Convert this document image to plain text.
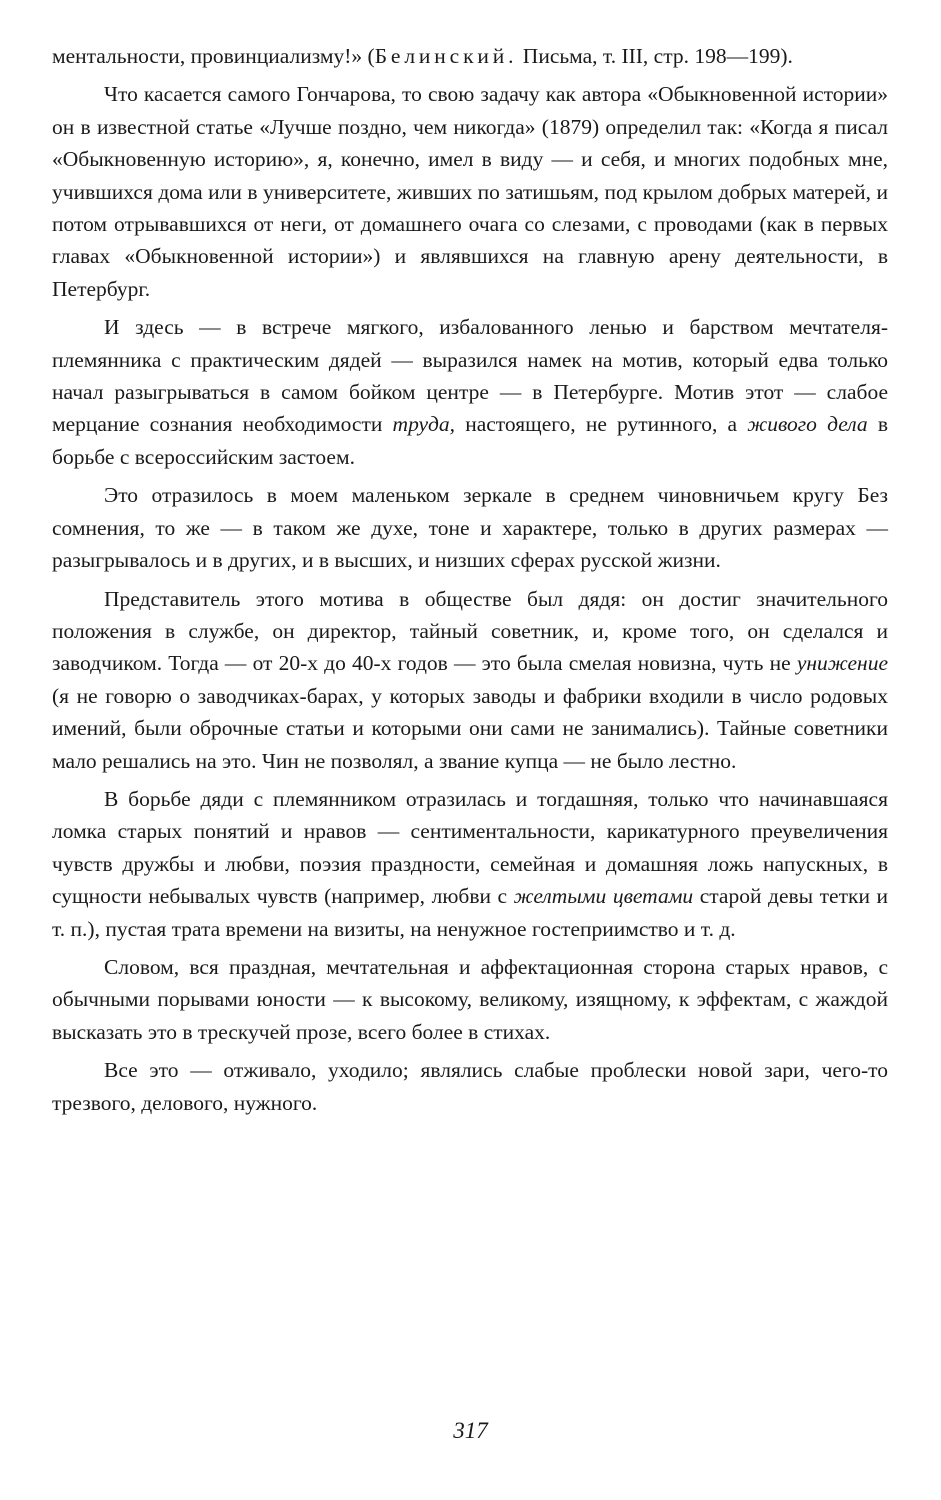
ментальности, провинциализму!» (Белинский. Письма, т. III, стр. 198—199).

Что касается самого Гончарова, то свою задачу как автора «Обыкновенной истории» он в известной статье «Лучше поздно, чем никогда» (1879) определил так: «Когда я писал «Обыкновенную историю», я, конечно, имел в виду — и себя, и многих подобных мне, учившихся дома или в университете, живших по затишьям, под крылом добрых матерей, и потом отрывавшихся от неги, от домашнего очага со слезами, с проводами (как в первых главах «Обыкновенной истории») и являвшихся на главную арену деятельности, в Петербург.

И здесь — в встрече мягкого, избалованного ленью и барством мечтателя-племянника с практическим дядей — выразился намек на мотив, который едва только начал разыгрываться в самом бойком центре — в Петербурге. Мотив этот — слабое мерцание сознания необходимости труда, настоящего, не рутинного, а живого дела в борьбе с всероссийским застоем.

Это отразилось в моем маленьком зеркале в среднем чиновничьем кругу Без сомнения, то же — в таком же духе, тоне и характере, только в других размерах — разыгрывалось и в других, и в высших, и низших сферах русской жизни.

Представитель этого мотива в обществе был дядя: он достиг значительного положения в службе, он директор, тайный советник, и, кроме того, он сделался и заводчиком. Тогда — от 20-х до 40-х годов — это была смелая новизна, чуть не унижение (я не говорю о заводчиках-барах, у которых заводы и фабрики входили в число родовых имений, были оброчные статьи и которыми они сами не занимались). Тайные советники мало решались на это. Чин не позволял, а звание купца — не было лестно.

В борьбе дяди с племянником отразилась и тогдашняя, только что начинавшаяся ломка старых понятий и нравов — сентиментальности, карикатурного преувеличения чувств дружбы и любви, поэзия праздности, семейная и домашняя ложь напускных, в сущности небывалых чувств (например, любви с желтыми цветами старой девы тетки и т. п.), пустая трата времени на визиты, на ненужное гостеприимство и т. д.

Словом, вся праздная, мечтательная и аффектационная сторона старых нравов, с обычными порывами юности — к высокому, великому, изящному, к эффектам, с жаждой высказать это в трескучей прозе, всего более в стихах.

Все это — отживало, уходило; являлись слабые проблески новой зари, чего-то трезвого, делового, нужного.

317
